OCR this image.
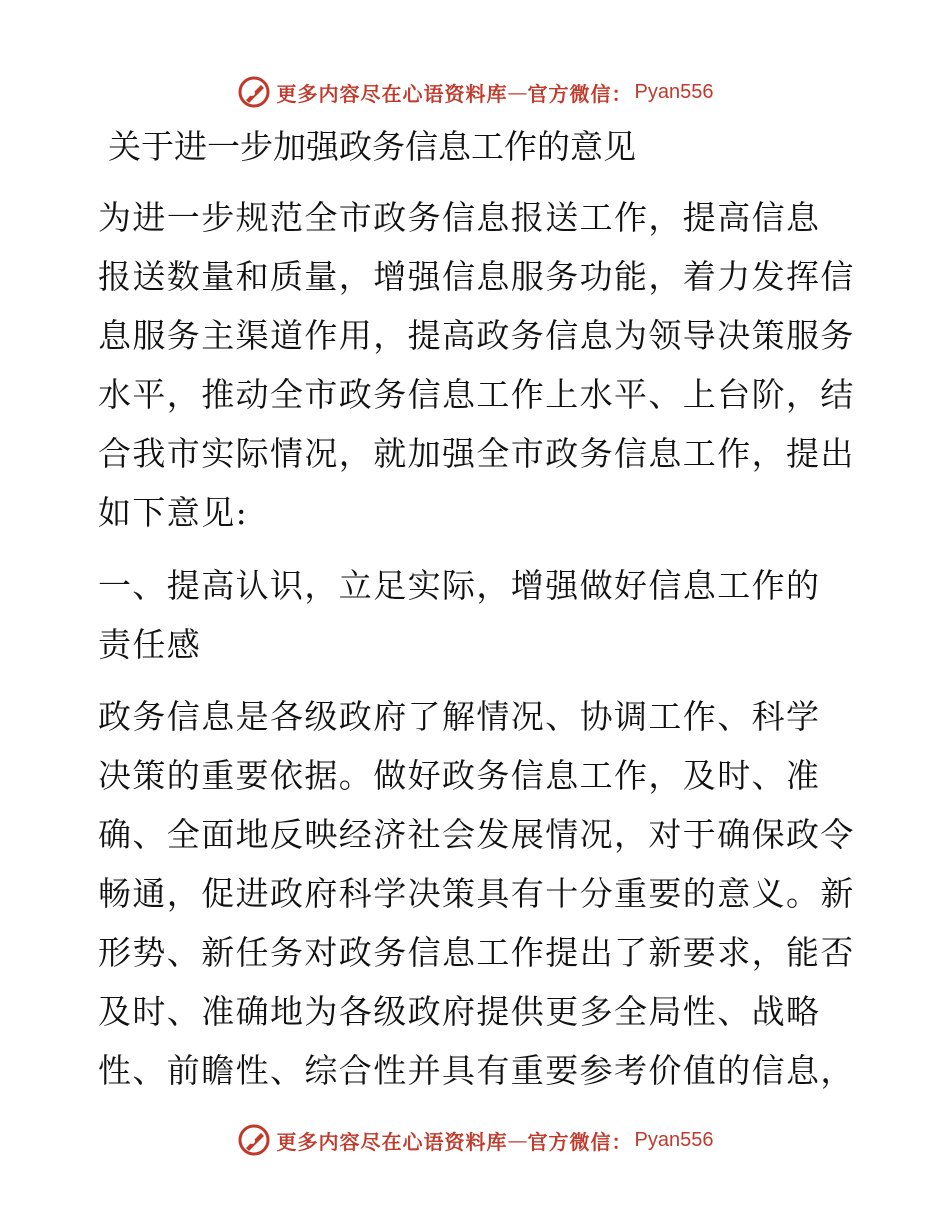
更多内容尽在心语资料库 — 官方微信： Pyan556
关于进一步加强政务信息工作的意见
为进一步规范全市政务信息报送工作，提高信息
报送数量和质量，增强信息服务功能，着力发挥信
息服务主渠道作用，提高政务信息为领导决策服务
水平，推动全市政务信息工作上水平、上台阶，结
合我市实际情况，就加强全市政务信息工作，提出
如下意见:
一、提高认识，立足实际，增强做好信息工作的
责任感
政务信息是各级政府了解情况、协调工作、科学
决策的重要依据。做好政务信息工作，及时、准
确、全面地反映经济社会发展情况，对于确保政令
畅通，促进政府科学决策具有十分重要的意义。新
形势、新任务对政务信息工作提出了新要求，能否
及时、准确地为各级政府提供更多全局性、战略
性、前瞻性、综合性并具有重要参考价值的信息，
更多内容尽在心语资料库 — 官方微信： Pyan556
